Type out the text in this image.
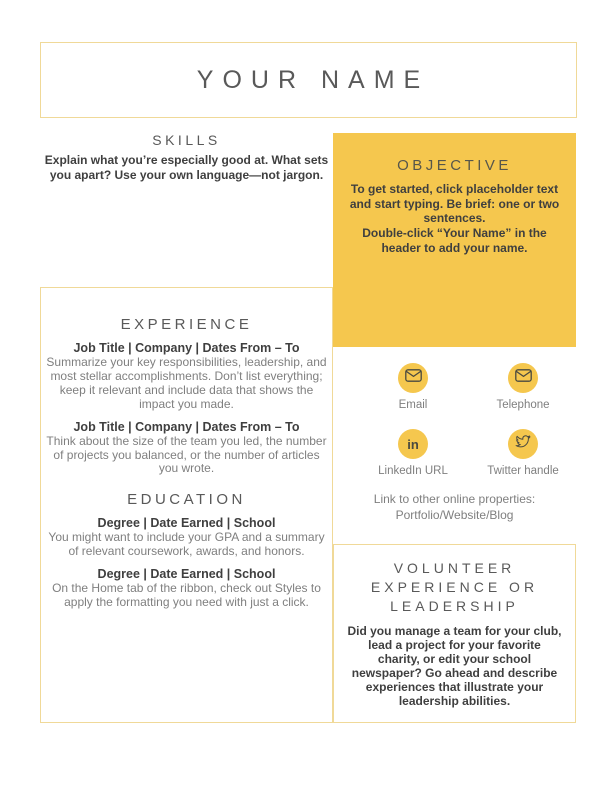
YOUR NAME
SKILLS
Explain what you’re especially good at. What sets you apart? Use your own language—not jargon.
OBJECTIVE

To get started, click placeholder text and start typing. Be brief: one or two sentences.

Double-click “Your Name” in the header to add your name.

EXPERIENCE
Job Title | Company | Dates From – To
Summarize your key responsibilities, leadership, and most stellar accomplishments. Don’t list everything; keep it relevant and include data that shows the impact you made.
Job Title | Company | Dates From – To
Think about the size of the team you led, the number of projects you balanced, or the number of articles you wrote.
EDUCATION
Degree | Date Earned | School
You might want to include your GPA and a summary of relevant coursework, awards, and honors.
Degree | Date Earned | School
On the Home tab of the ribbon, check out Styles to apply the formatting you need with just a click.
Email	Telephone
in
LinkedIn URL	Twitter handle
Link to other online properties:
Portfolio/Website/Blog
VOLUNTEER EXPERIENCE OR LEADERSHIP
Did you manage a team for your club, lead a project for your favorite charity, or edit your school newspaper? Go ahead and describe experiences that illustrate your leadership abilities.
